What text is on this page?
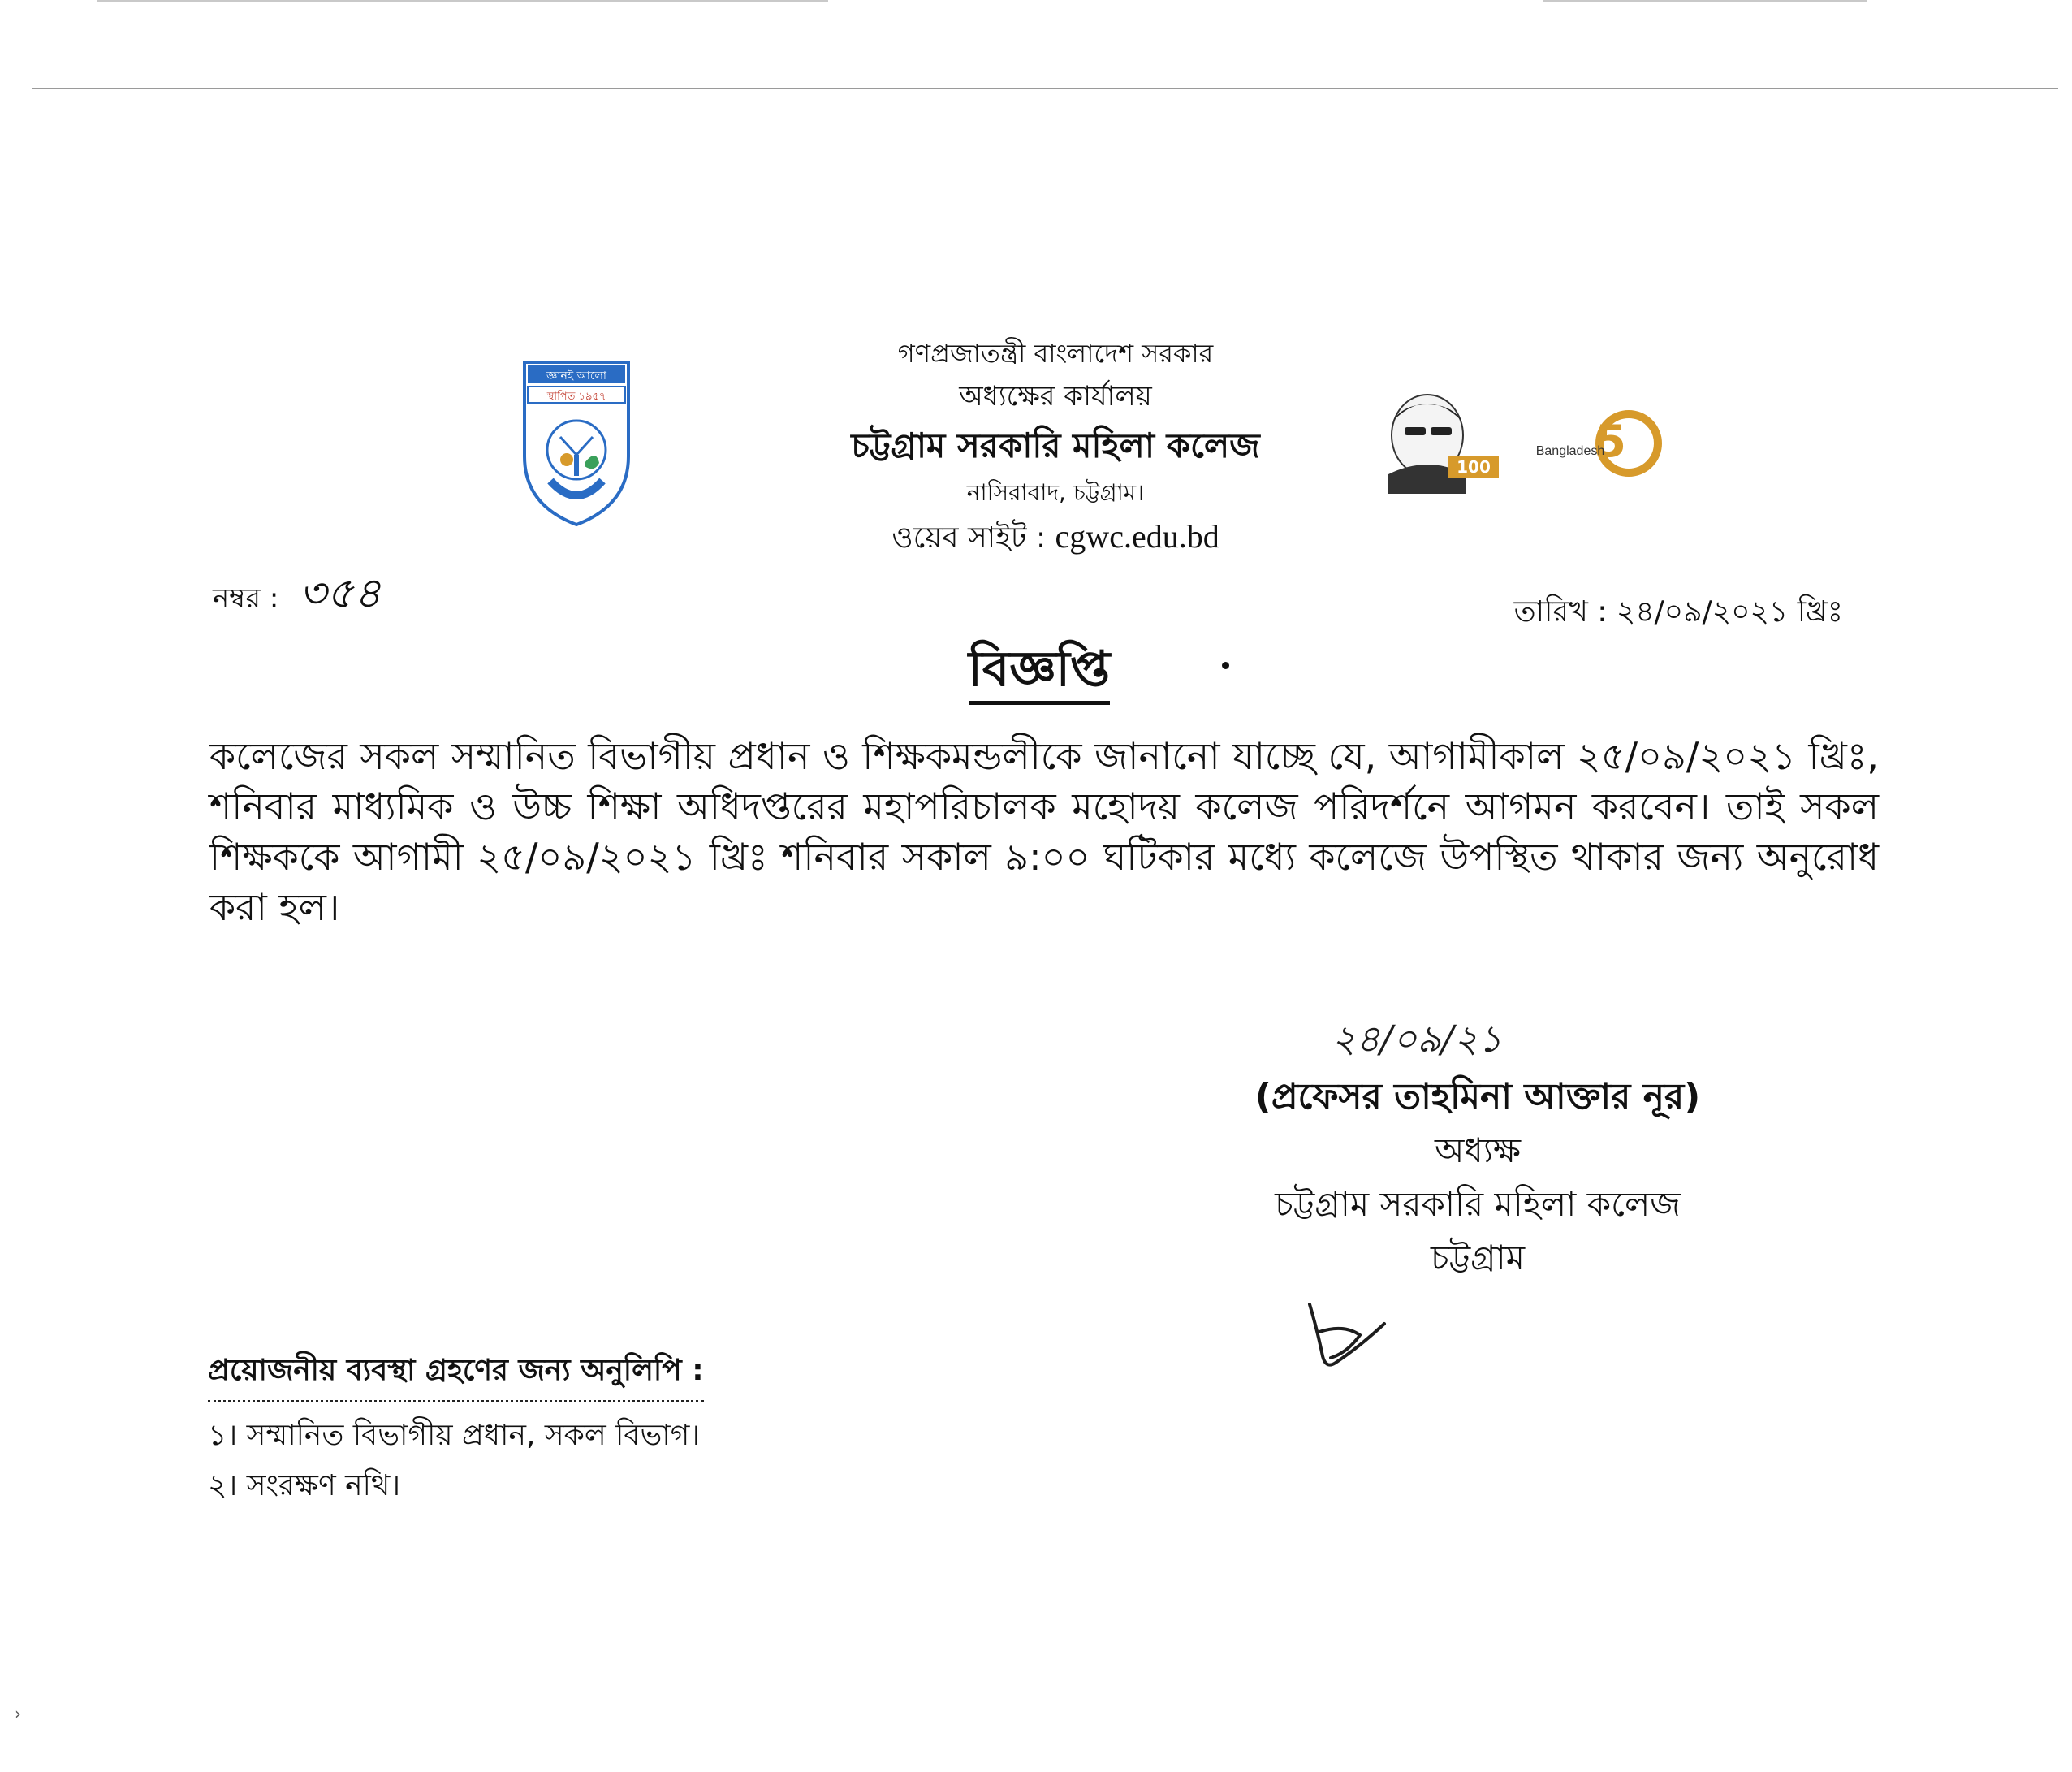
জ্ঞানই আলো
স্থাপিত ১৯৫৭
গণপ্রজাতন্ত্রী বাংলাদেশ সরকার
অধ্যক্ষের কার্যালয়
চট্টগ্রাম সরকারি মহিলা কলেজ
নাসিরাবাদ, চট্টগ্রাম।
ওয়েব সাইট : cgwc.edu.bd
100 5
Bangladesh
নম্বর : ৩৫৪	তারিখ : ২৪/০৯/২০২১ খ্রিঃ
বিজ্ঞপ্তি
কলেজের সকল সম্মানিত বিভাগীয় প্রধান ও শিক্ষকমন্ডলীকে জানানো যাচ্ছে যে, আগামীকাল ২৫/০৯/২০২১ খ্রিঃ, শনিবার মাধ্যমিক ও উচ্চ শিক্ষা অধিদপ্তরের মহাপরিচালক মহোদয় কলেজ পরিদর্শনে আগমন করবেন। তাই সকল শিক্ষককে আগামী ২৫/০৯/২০২১ খ্রিঃ শনিবার সকাল ৯:০০ ঘটিকার মধ্যে কলেজে উপস্থিত থাকার জন্য অনুরোধ করা হল।
২৪/০৯/২১
(প্রফেসর তাহমিনা আক্তার নূর)
অধ্যক্ষ
চট্টগ্রাম সরকারি মহিলা কলেজ
চট্টগ্রাম
প্রয়োজনীয় ব্যবস্থা গ্রহণের জন্য অনুলিপি :
১। সম্মানিত বিভাগীয় প্রধান, সকল বিভাগ।
২। সংরক্ষণ নথি।
›
